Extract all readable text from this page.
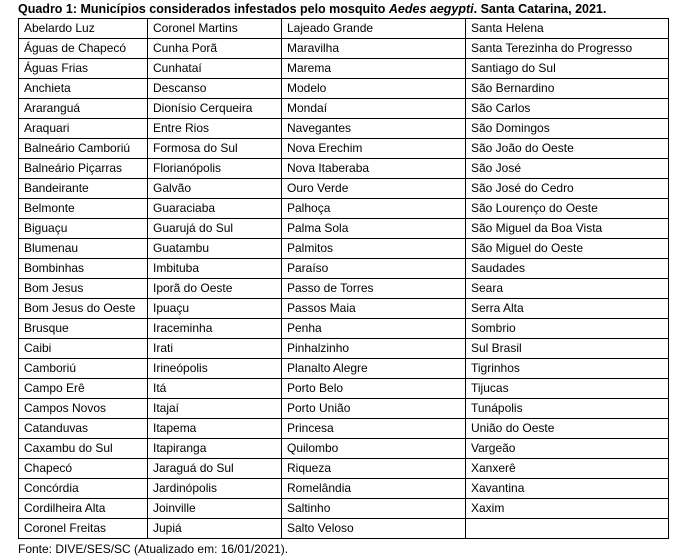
Quadro 1: Municípios considerados infestados pelo mosquito Aedes aegypti. Santa Catarina, 2021.
Abelardo Luz	Coronel Martins	Lajeado Grande	Santa Helena
Águas de Chapecó	Cunha Porã	Maravilha	Santa Terezinha do Progresso
Águas Frias	Cunhataí	Marema	Santiago do Sul
Anchieta	Descanso	Modelo	São Bernardino
Araranguá	Dionísio Cerqueira	Mondaí	São Carlos
Araquari	Entre Rios	Navegantes	São Domingos
Balneário Camboriú	Formosa do Sul	Nova Erechim	São João do Oeste
Balneário Piçarras	Florianópolis	Nova Itaberaba	São José
Bandeirante	Galvão	Ouro Verde	São José do Cedro
Belmonte	Guaraciaba	Palhoça	São Lourenço do Oeste
Biguaçu	Guarujá do Sul	Palma Sola	São Miguel da Boa Vista
Blumenau	Guatambu	Palmitos	São Miguel do Oeste
Bombinhas	Imbituba	Paraíso	Saudades
Bom Jesus	Iporã do Oeste	Passo de Torres	Seara
Bom Jesus do Oeste	Ipuaçu	Passos Maia	Serra Alta
Brusque	Iraceminha	Penha	Sombrio
Caibi	Irati	Pinhalzinho	Sul Brasil
Camboriú	Irineópolis	Planalto Alegre	Tigrinhos
Campo Erê	Itá	Porto Belo	Tijucas
Campos Novos	Itajaí	Porto União	Tunápolis
Catanduvas	Itapema	Princesa	União do Oeste
Caxambu do Sul	Itapiranga	Quilombo	Vargeão
Chapecó	Jaraguá do Sul	Riqueza	Xanxerê
Concórdia	Jardinópolis	Romelândia	Xavantina
Cordilheira Alta	Joinville	Saltinho	Xaxim
Coronel Freitas	Jupiá	Salto Veloso	
Fonte: DIVE/SES/SC (Atualizado em: 16/01/2021).
